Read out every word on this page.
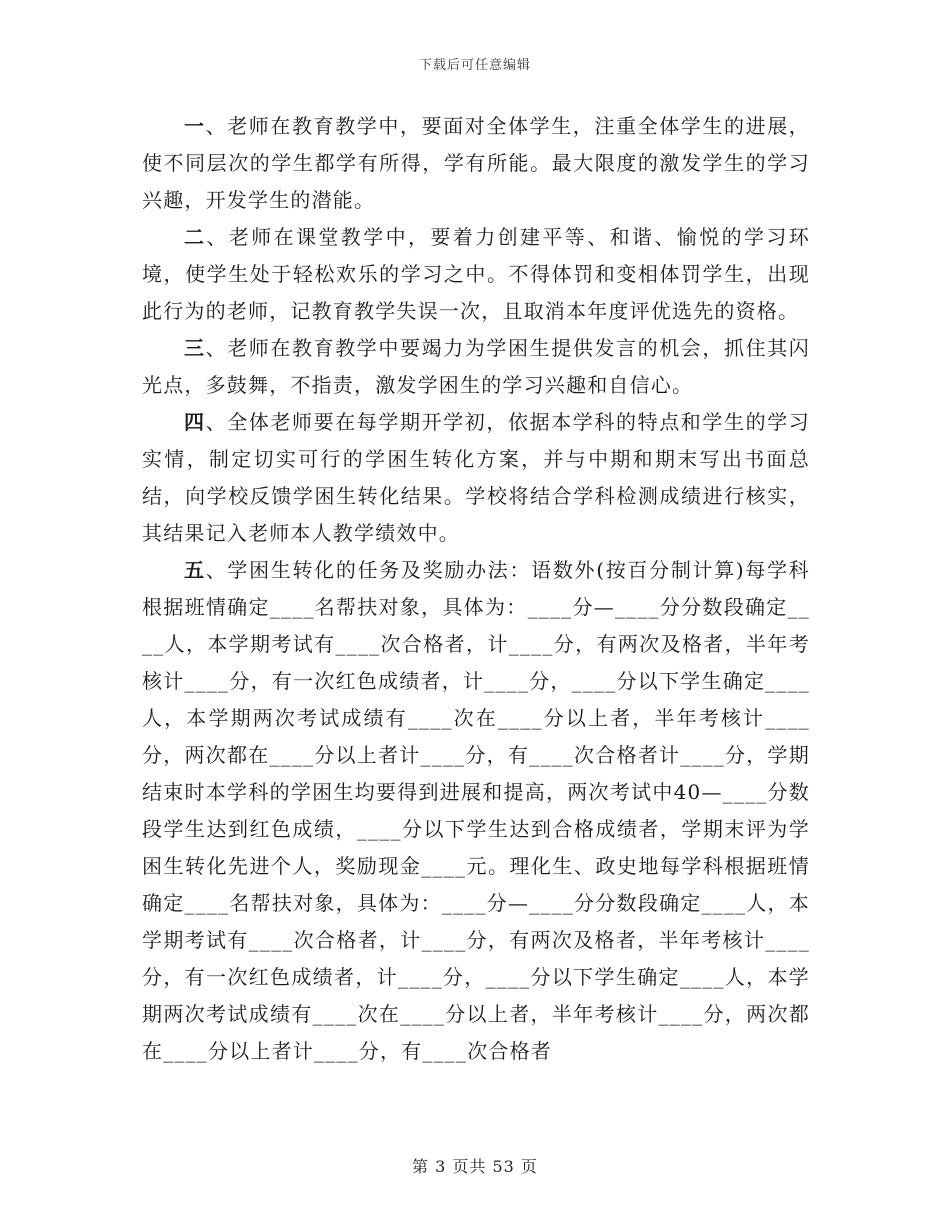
下载后可任意编辑

一、老师在教育教学中，要面对全体学生，注重全体学生的进展，使不同层次的学生都学有所得，学有所能。最大限度的激发学生的学习兴趣，开发学生的潜能。

二、老师在课堂教学中，要着力创建平等、和谐、愉悦的学习环境，使学生处于轻松欢乐的学习之中。不得体罚和变相体罚学生，出现此行为的老师，记教育教学失误一次，且取消本年度评优选先的资格。

三、老师在教育教学中要竭力为学困生提供发言的机会，抓住其闪光点，多鼓舞，不指责，激发学困生的学习兴趣和自信心。

四、全体老师要在每学期开学初，依据本学科的特点和学生的学习实情，制定切实可行的学困生转化方案，并与中期和期末写出书面总结，向学校反馈学困生转化结果。学校将结合学科检测成绩进行核实，其结果记入老师本人教学绩效中。

五、学困生转化的任务及奖励办法：语数外(按百分制计算)每学科根据班情确定____名帮扶对象，具体为：____分—____分分数段确定____人，本学期考试有____次合格者，计____分，有两次及格者，半年考核计____分，有一次红色成绩者，计____分，____分以下学生确定____人，本学期两次考试成绩有____次在____分以上者，半年考核计____分，两次都在____分以上者计____分，有____次合格者计____分，学期结束时本学科的学困生均要得到进展和提高，两次考试中40—____分数段学生达到红色成绩，____分以下学生达到合格成绩者，学期末评为学困生转化先进个人，奖励现金____元。理化生、政史地每学科根据班情确定____名帮扶对象，具体为：____分—____分分数段确定____人，本学期考试有____次合格者，计____分，有两次及格者，半年考核计____分，有一次红色成绩者，计____分，____分以下学生确定____人，本学期两次考试成绩有____次在____分以上者，半年考核计____分，两次都在____分以上者计____分，有____次合格者

第 3 页共 53 页
